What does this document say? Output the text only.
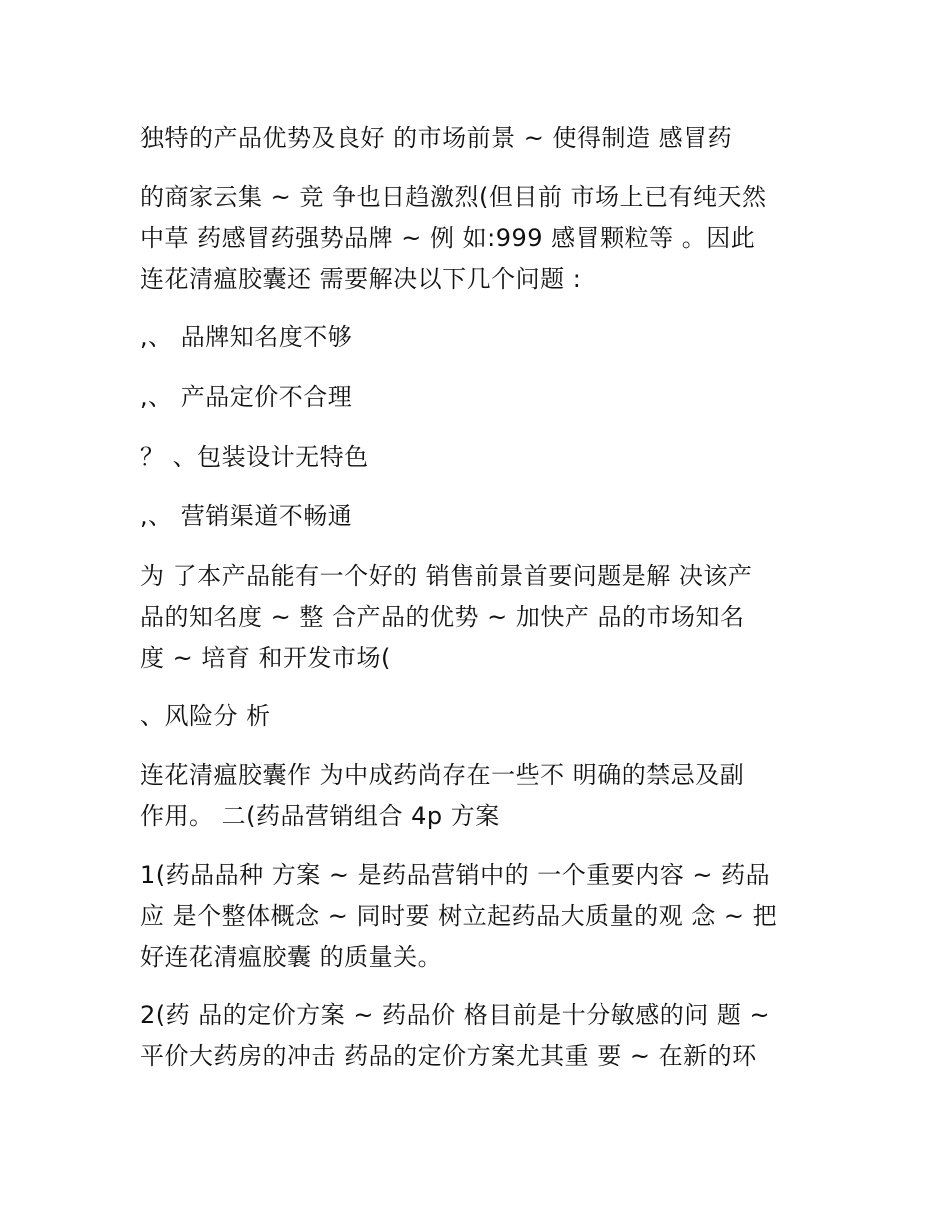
独特的产品优势及良好 的市场前景 ~ 使得制造 感冒药
的商家云集 ~ 竞 争也日趋激烈(但目前 市场上已有纯天然
中草 药感冒药强势品牌 ~ 例 如:999 感冒颗粒等 。因此
连花清瘟胶囊还 需要解决以下几个问题 :
,、 品牌知名度不够
,、 产品定价不合理
？ 、包装设计无特色
,、 营销渠道不畅通
为 了本产品能有一个好的 销售前景首要问题是解 决该产
品的知名度 ~ 整 合产品的优势 ~ 加快产 品的市场知名
度 ~ 培育 和开发市场(
、风险分 析
连花清瘟胶囊作 为中成药尚存在一些不 明确的禁忌及副
作用。 二(药品营销组合 4p 方案
1(药品品种 方案 ~ 是药品营销中的 一个重要内容 ~ 药品
应 是个整体概念 ~ 同时要 树立起药品大质量的观 念 ~ 把
好连花清瘟胶囊 的质量关。
2(药 品的定价方案 ~ 药品价 格目前是十分敏感的问 题 ~
平价大药房的冲击 药品的定价方案尤其重 要 ~ 在新的环
